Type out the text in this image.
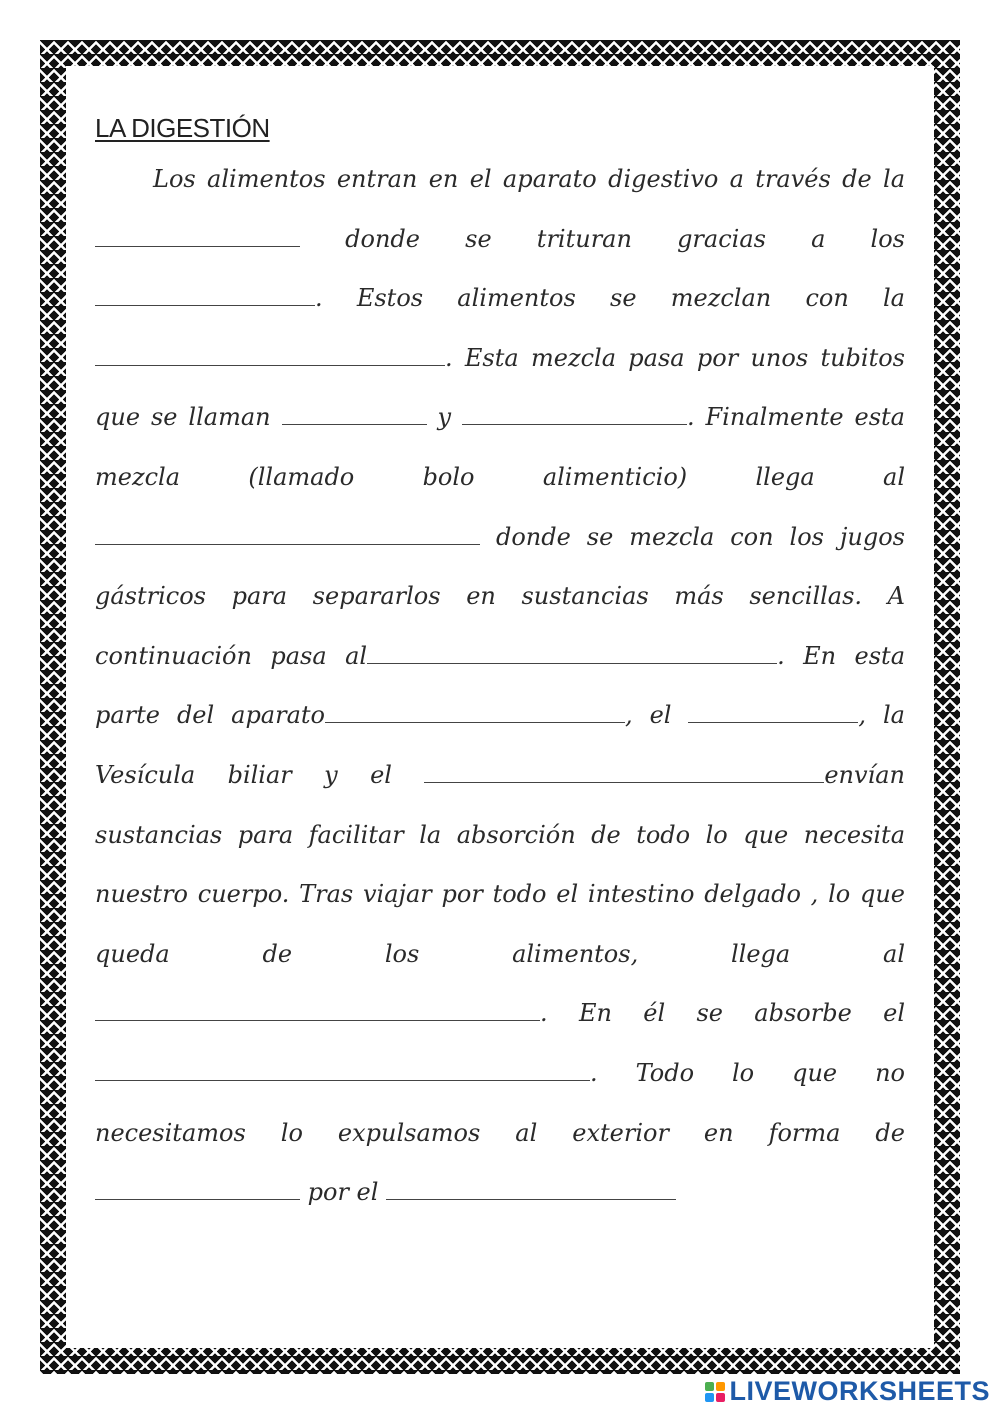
LA DIGESTIÓN
Los alimentos entran en el aparato digestivo a través de la  donde se trituran gracias a los . Estos alimentos se mezclan con la . Esta mezcla pasa por unos tubitos que se llaman	y	. Finalmente esta mezcla (llamado bolo alimenticio) llega al  donde se mezcla con los jugos gástricos para separarlos en sustancias más sencillas. A continuación pasa al	. En esta parte del aparato	, el	, la Vesícula biliar y el	envían sustancias para facilitar la absorción de todo lo que necesita nuestro cuerpo. Tras viajar por todo el intestino delgado , lo que queda de los alimentos, llega al. En él se absorbe el . Todo lo que no necesitamos lo expulsamos al exterior en forma de  por el
LIVEWORKSHEETS
